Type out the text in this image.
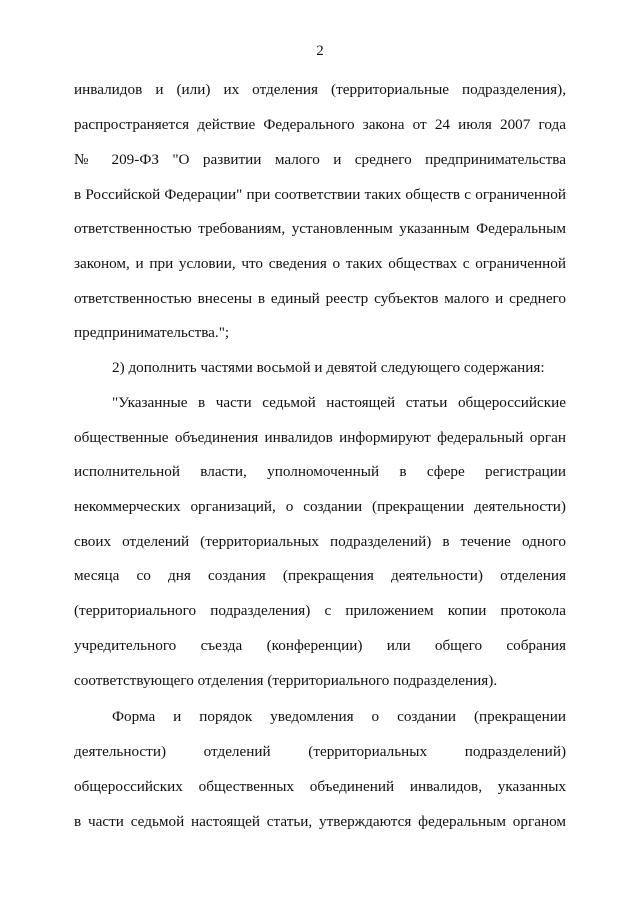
2
инвалидов и (или) их отделения (территориальные подразделения),
распространяется действие Федерального закона от 24 июля 2007 года
№ 209-ФЗ "О развитии малого и среднего предпринимательства
в Российской Федерации" при соответствии таких обществ с ограниченной
ответственностью требованиям, установленным указанным Федеральным
законом, и при условии, что сведения о таких обществах с ограниченной
ответственностью внесены в единый реестр субъектов малого и среднего
предпринимательства.";
2) дополнить частями восьмой и девятой следующего содержания:
"Указанные в части седьмой настоящей статьи общероссийские
общественные объединения инвалидов информируют федеральный орган
исполнительной власти, уполномоченный в сфере регистрации
некоммерческих организаций, о создании (прекращении деятельности)
своих отделений (территориальных подразделений) в течение одного
месяца со дня создания (прекращения деятельности) отделения
(территориального подразделения) с приложением копии протокола
учредительного съезда (конференции) или общего собрания
соответствующего отделения (территориального подразделения).
Форма и порядок уведомления о создании (прекращении
деятельности) отделений (территориальных подразделений)
общероссийских общественных объединений инвалидов, указанных
в части седьмой настоящей статьи, утверждаются федеральным органом
